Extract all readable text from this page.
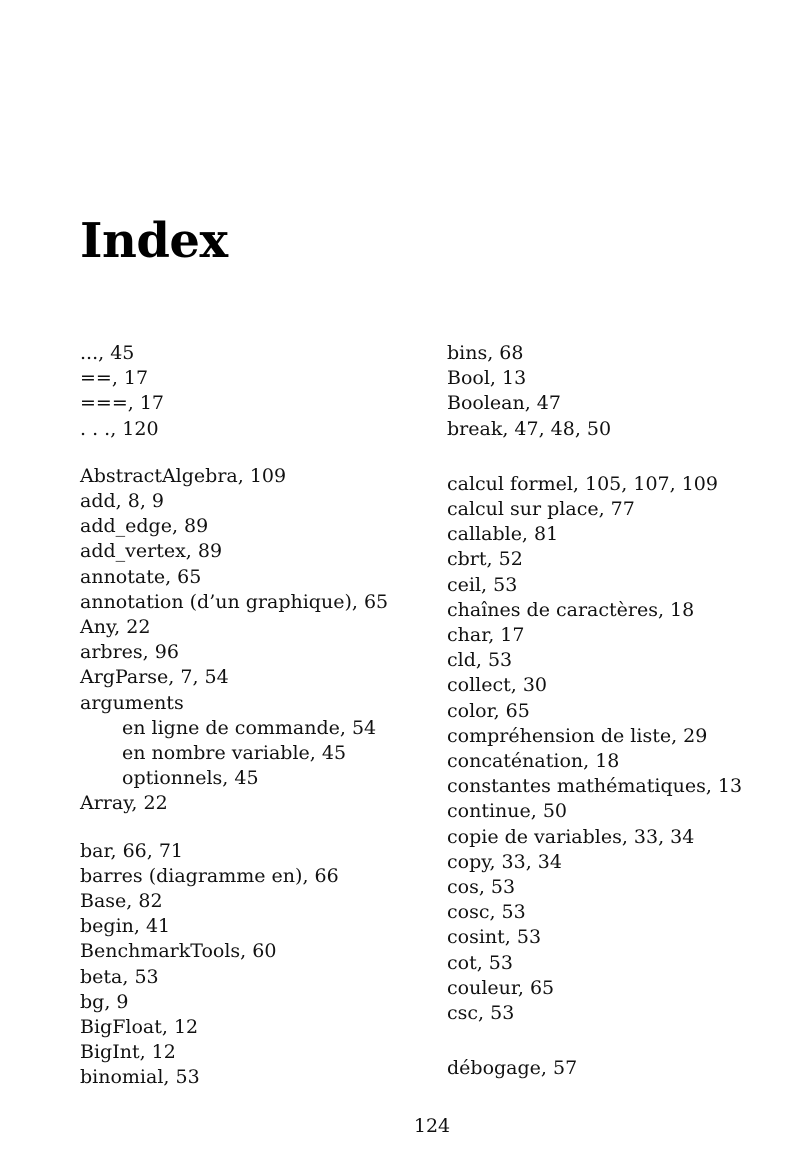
Index
..., 45
==, 17
===, 17
. . ., 120
AbstractAlgebra, 109
add, 8, 9
add_edge, 89
add_vertex, 89
annotate, 65
annotation (d’un graphique), 65
Any, 22
arbres, 96
ArgParse, 7, 54
arguments
en ligne de commande, 54
en nombre variable, 45
optionnels, 45
Array, 22
bar, 66, 71
barres (diagramme en), 66
Base, 82
begin, 41
BenchmarkTools, 60
beta, 53
bg, 9
BigFloat, 12
BigInt, 12
binomial, 53
bins, 68
Bool, 13
Boolean, 47
break, 47, 48, 50
calcul formel, 105, 107, 109
calcul sur place, 77
callable, 81
cbrt, 52
ceil, 53
chaînes de caractères, 18
char, 17
cld, 53
collect, 30
color, 65
compréhension de liste, 29
concaténation, 18
constantes mathématiques, 13
continue, 50
copie de variables, 33, 34
copy, 33, 34
cos, 53
cosc, 53
cosint, 53
cot, 53
couleur, 65
csc, 53
débogage, 57
124
